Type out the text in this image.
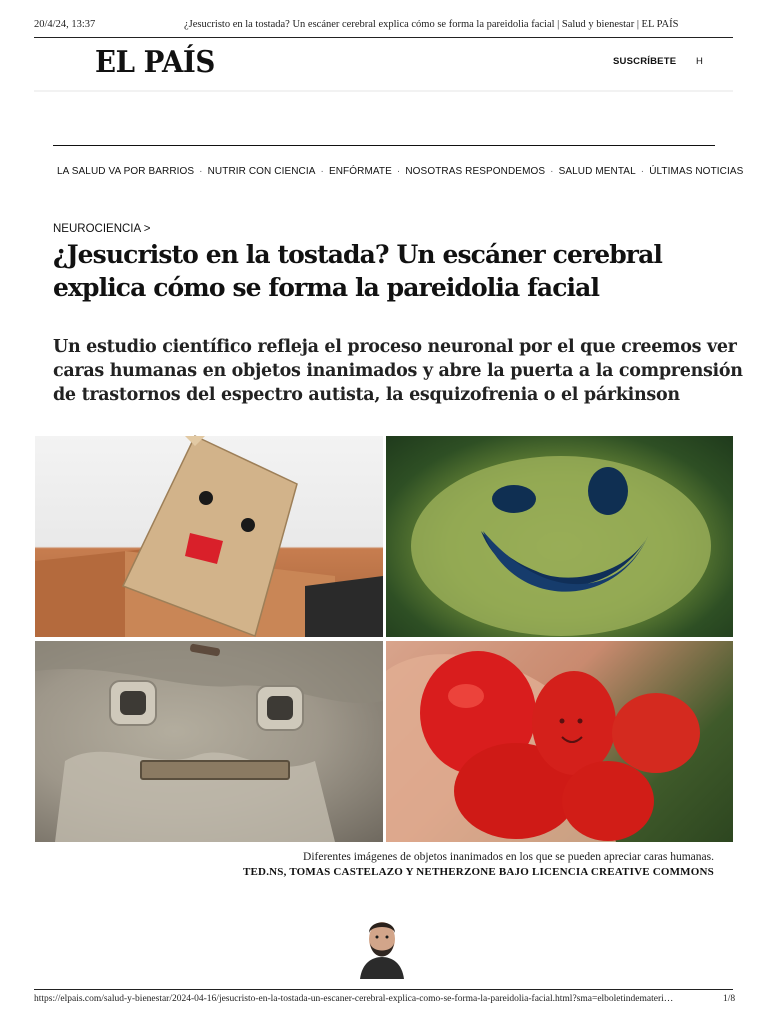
20/4/24, 13:37	¿Jesucristo en la tostada? Un escáner cerebral explica cómo se forma la pareidolia facial | Salud y bienestar | EL PAÍS
EL PAÍS	SUSCRÍBETE H
LA SALUD VA POR BARRIOS · NUTRIR CON CIENCIA · ENFÓRMATE · NOSOTRAS RESPONDEMOS · SALUD MENTAL · ÚLTIMAS NOTICIAS
NEUROCIENCIA >
¿Jesucristo en la tostada? Un escáner cerebral
explica cómo se forma la pareidolia facial
Un estudio científico refleja el proceso neuronal por el que creemos ver
caras humanas en objetos inanimados y abre la puerta a la comprensión
de trastornos del espectro autista, la esquizofrenia o el párkinson
Diferentes imágenes de objetos inanimados en los que se pueden apreciar caras humanas.
TED.NS, TOMAS CASTELAZO Y NETHERZONE BAJO LICENCIA CREATIVE COMMONS
https://elpais.com/salud-y-bienestar/2024-04-16/jesucristo-en-la-tostada-un-escaner-cerebral-explica-como-se-forma-la-pareidolia-facial.html?sma=elboletindemateri…	1/8
